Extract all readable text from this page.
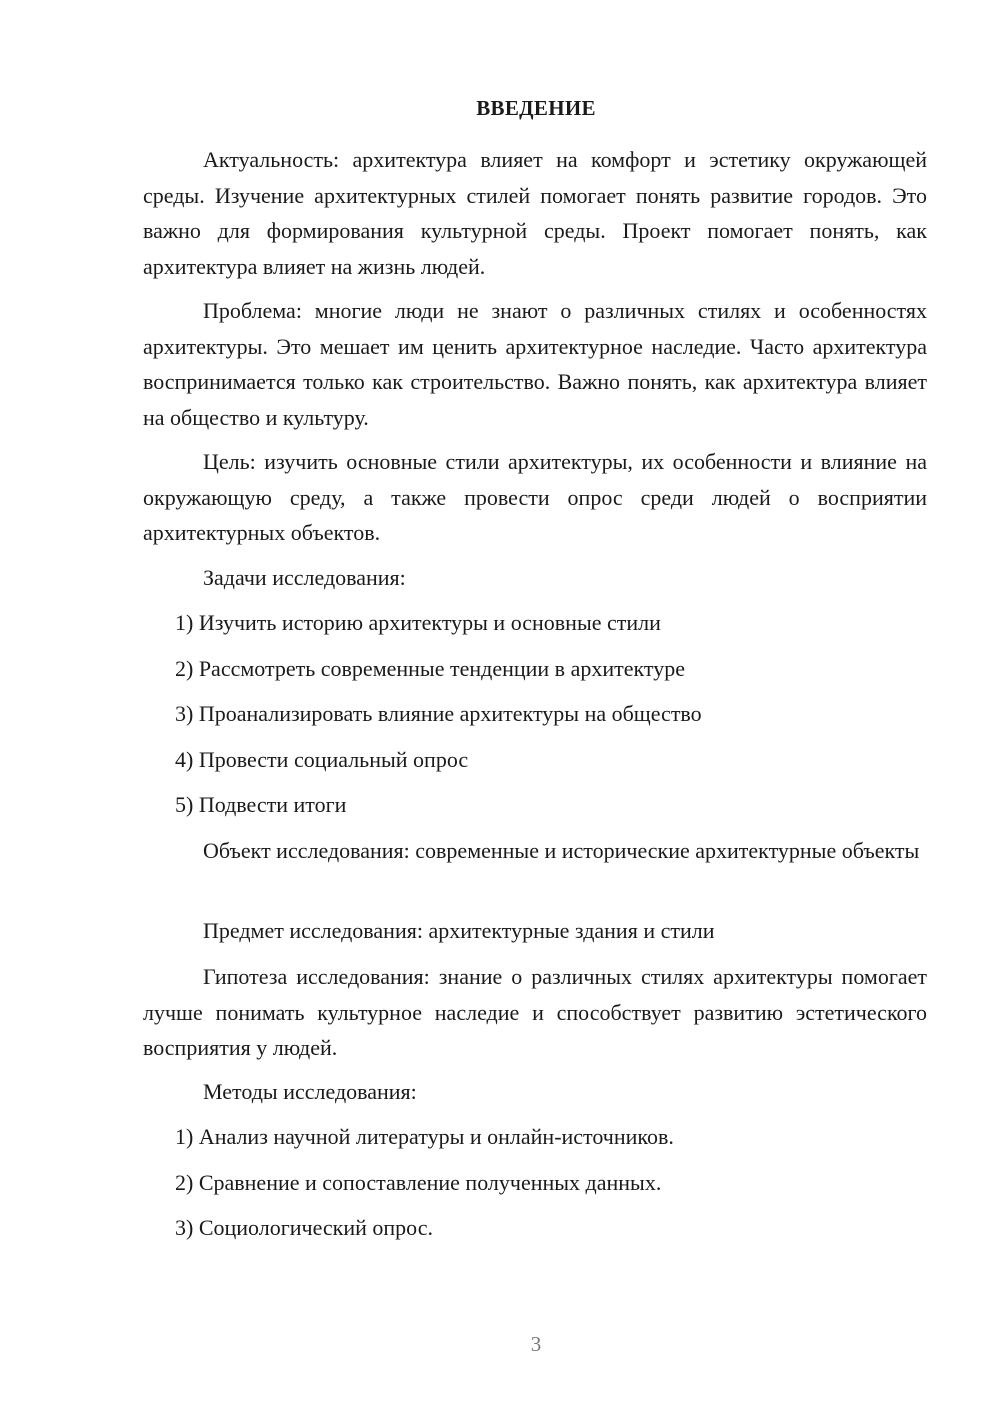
ВВЕДЕНИЕ

Актуальность: архитектура влияет на комфорт и эстетику окружающей среды. Изучение архитектурных стилей помогает понять развитие городов. Это важно для формирования культурной среды. Проект помогает понять, как архитектура влияет на жизнь людей.

Проблема: многие люди не знают о различных стилях и особенностях архитектуры. Это мешает им ценить архитектурное наследие. Часто архитектура воспринимается только как строительство. Важно понять, как архитектура влияет на общество и культуру.

Цель: изучить основные стили архитектуры, их особенности и влияние на окружающую среду, а также провести опрос среди людей о восприятии архитектурных объектов.

Задачи исследования:

1) Изучить историю архитектуры и основные стили
2) Рассмотреть современные тенденции в архитектуре
3) Проанализировать влияние архитектуры на общество
4) Провести социальный опрос
5) Подвести итоги

Объект исследования: современные и исторические архитектурные объекты

Предмет исследования: архитектурные здания и стили

Гипотеза исследования: знание о различных стилях архитектуры помогает лучше понимать культурное наследие и способствует развитию эстетического восприятия у людей.

Методы исследования:

1) Анализ научной литературы и онлайн-источников.
2) Сравнение и сопоставление полученных данных.
3) Социологический опрос.
3
